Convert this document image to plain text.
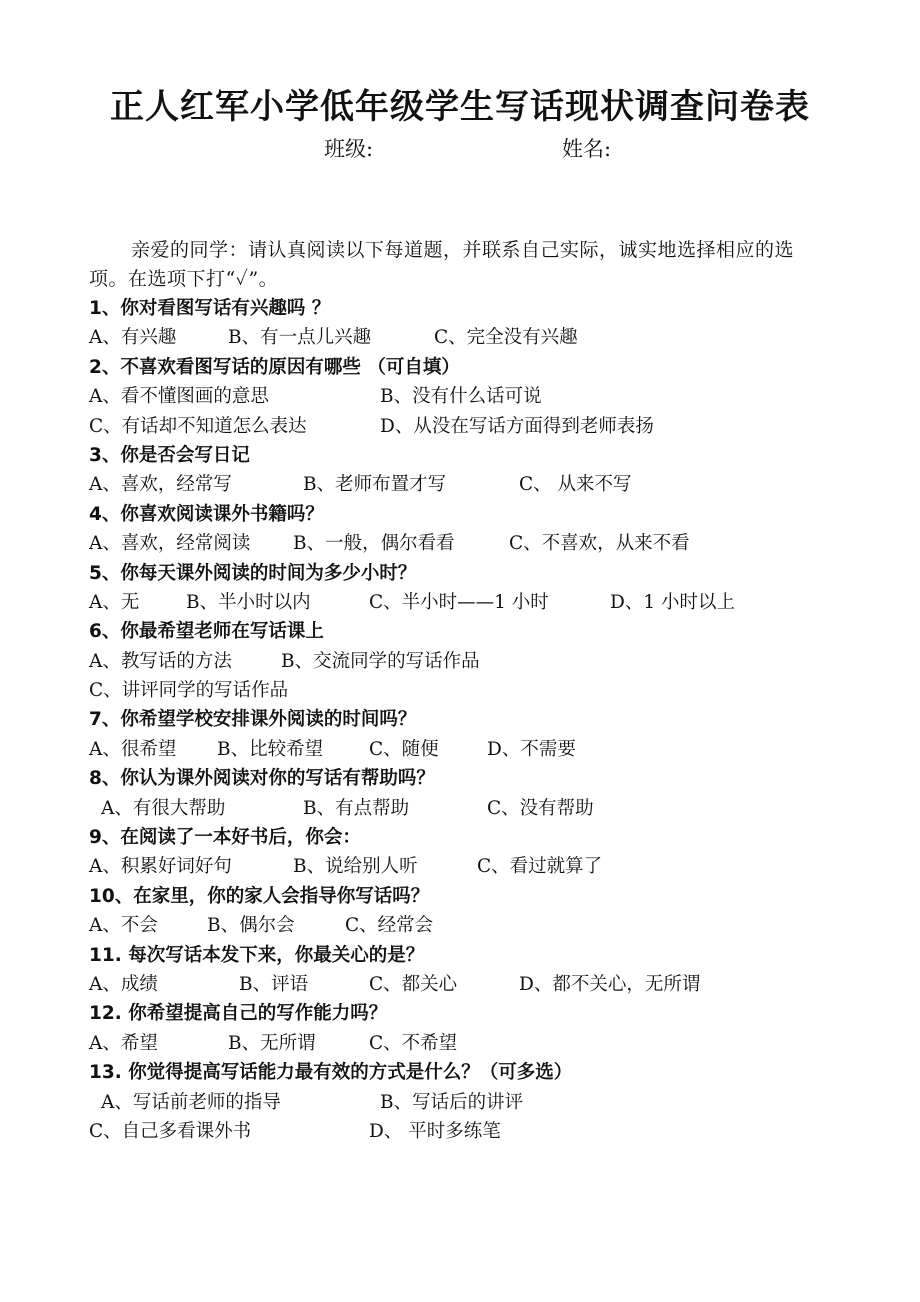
正人红军小学低年级学生写话现状调查问卷表
班级:	姓名:

亲爱的同学：请认真阅读以下每道题，并联系自己实际，诚实地选择相应的选项。在选项下打“✓”。

1、你对看图写话有兴趣吗 ？
A、有兴趣	B、有一点儿兴趣	C、完全没有兴趣
2、不喜欢看图写话的原因有哪些 （可自填）
A、看不懂图画的意思	B、没有什么话可说
C、有话却不知道怎么表达	D、从没在写话方面得到老师表扬
3、你是否会写日记
A、喜欢，经常写	B、老师布置才写	C、 从来不写
4、你喜欢阅读课外书籍吗？
A、喜欢，经常阅读 B、一般，偶尔看看	C、不喜欢，从来不看
5、你每天课外阅读的时间为多少小时？
A、无	B、半小时以内	C、半小时——1 小时	D、1 小时以上
6、你最希望老师在写话课上
A、教写话的方法	B、交流同学的写话作品
C、讲评同学的写话作品
7、你希望学校安排课外阅读的时间吗？
A、很希望 B、比较希望 C、随便	D、不需要
8、你认为课外阅读对你的写话有帮助吗？
A、有很大帮助	B、有点帮助	C、没有帮助
9、在阅读了一本好书后，你会：
A、积累好词好句	B、说给别人听	C、看过就算了
10、在家里，你的家人会指导你写话吗？
A、不会	B、偶尔会	C、经常会
11. 每次写话本发下来，你最关心的是？
A、成绩	B、评语	C、都关心	D、都不关心，无所谓
12. 你希望提高自己的写作能力吗？
A、希望	B、无所谓	C、不希望
13. 你觉得提高写话能力最有效的方式是什么？（可多选）
A、写话前老师的指导	B、写话后的讲评
C、自己多看课外书	D、 平时多练笔
